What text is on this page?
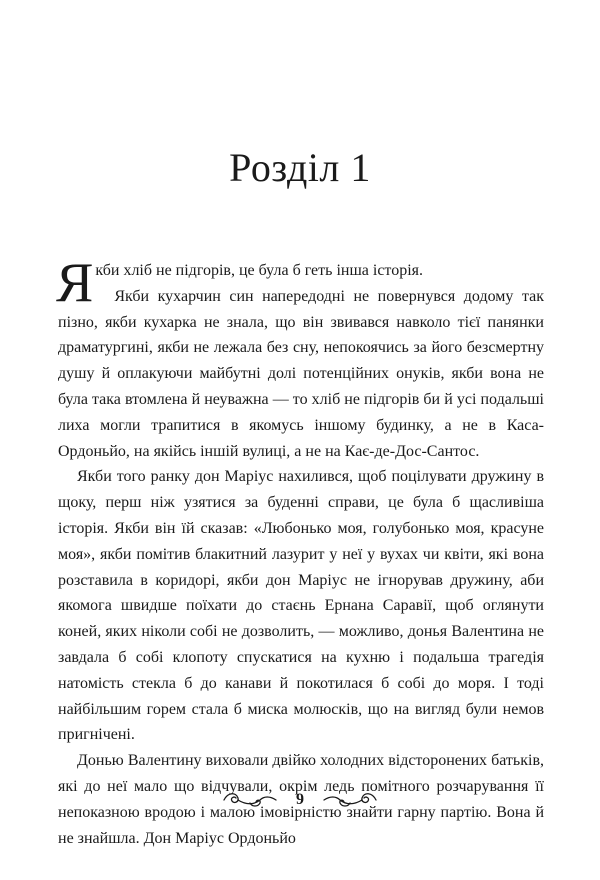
Розділ 1

Якби хліб не підгорів, це була б геть інша історія.

Якби кухарчин син напередодні не повернувся додому так пізно, якби кухарка не знала, що він звивався навколо тієї панянки драматургині, якби не лежала без сну, непокоячись за його безсмертну душу й оплакуючи майбутні долі потенційних онуків, якби вона не була така втомлена й неуважна — то хліб не підгорів би й усі подальші лиха могли трапитися в якомусь іншому будинку, а не в Каса-Ордоньйо, на якійсь іншій вулиці, а не на Кає-де-Дос-Сантос.

Якби того ранку дон Маріус нахилився, щоб поцілувати дружину в щоку, перш ніж узятися за буденні справи, це була б щасливіша історія. Якби він їй сказав: «Любонько моя, голубонько моя, красуне моя», якби помітив блакитний лазурит у неї у вухах чи квіти, які вона розставила в коридорі, якби дон Маріус не ігнорував дружину, аби якомога швидше поїхати до стаєнь Ернана Саравії, щоб оглянути коней, яких ніколи собі не дозволить, — можливо, донья Валентина не завдала б собі клопоту спускатися на кухню і подальша трагедія натомість стекла б до канави й покотилася б собі до моря. І тоді найбільшим горем стала б миска молюсків, що на вигляд були немов пригнічені.

Донью Валентину виховали двійко холодних відсторонених батьків, які до неї мало що відчували, окрім ледь помітного розчарування її непоказною вродою і малою імовірністю знайти гарну партію. Вона й не знайшла. Дон Маріус Ордоньйо

9
